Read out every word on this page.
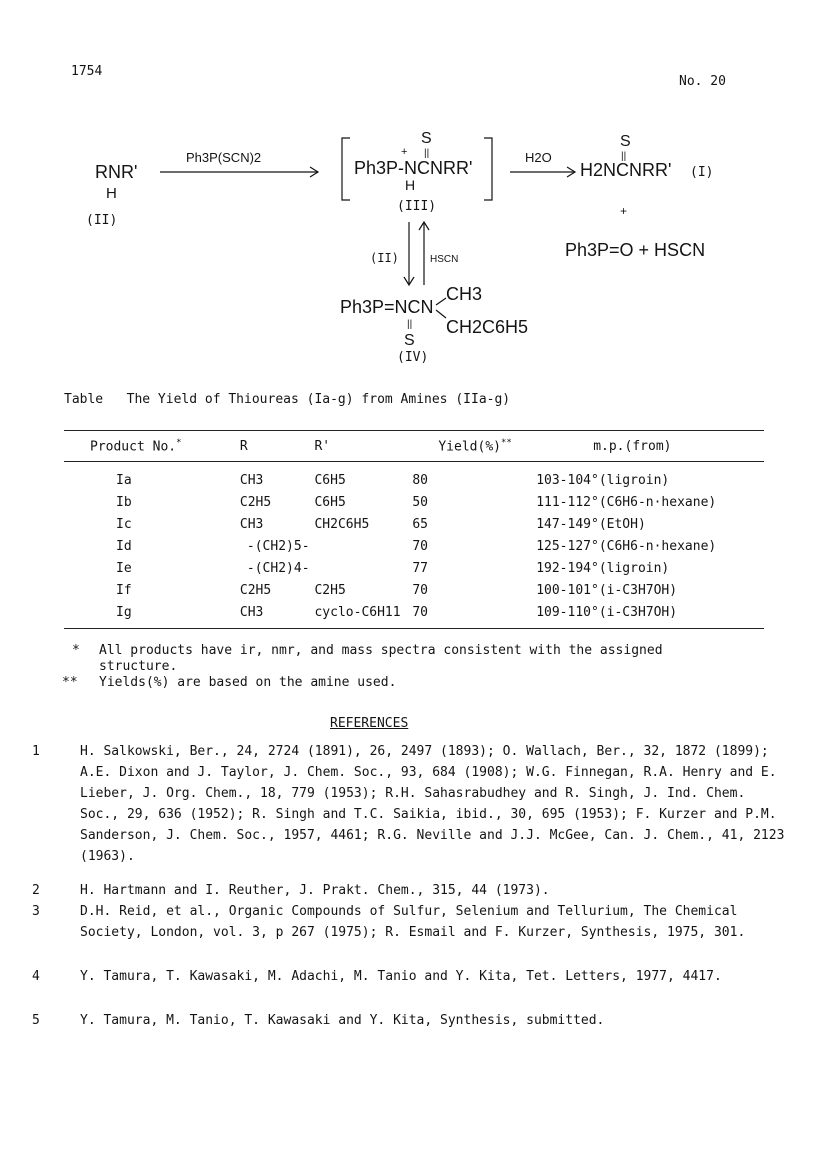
1754
No. 20
RNR'
H
(II)
Ph3P(SCN)2
S
+ ||
Ph3P-NCNRR'
H
(III)
H2O
S
||
H2NCNRR' (I)
+
Ph3P=O + HSCN
(II)	HSCN
Ph3P=NCN
CH3
CH2C6H5
||
S
(IV)
Table   The Yield of Thioureas (Ia-g) from Amines (IIa-g)
Product No.*	R	R'	Yield(%)**	m.p.(from)
Ia	CH3	C6H5	80	103-104°(ligroin)
Ib	C2H5	C6H5	50	111-112°(C6H6-n·hexane)
Ic	CH3	CH2C6H5	65	147-149°(EtOH)
Id	-(CH2)5-		70	125-127°(C6H6-n·hexane)
Ie	-(CH2)4-		77	192-194°(ligroin)
If	C2H5	C2H5	70	100-101°(i-C3H7OH)
Ig	CH3	cyclo-C6H11	70	109-110°(i-C3H7OH)
* All products have ir, nmr, and mass spectra consistent with the assigned structure.
** Yields(%) are based on the amine used.
REFERENCES
1	H. Salkowski, Ber., 24, 2724 (1891), 26, 2497 (1893); O. Wallach, Ber., 32, 1872 (1899); A.E. Dixon and J. Taylor, J. Chem. Soc., 93, 684 (1908); W.G. Finnegan, R.A. Henry and E. Lieber, J. Org. Chem., 18, 779 (1953); R.H. Sahasrabudhey and R. Singh, J. Ind. Chem. Soc., 29, 636 (1952); R. Singh and T.C. Saikia, ibid., 30, 695 (1953); F. Kurzer and P.M. Sanderson, J. Chem. Soc., 1957, 4461; R.G. Neville and J.J. McGee, Can. J. Chem., 41, 2123 (1963).
2	H. Hartmann and I. Reuther, J. Prakt. Chem., 315, 44 (1973).
3	D.H. Reid, et al., Organic Compounds of Sulfur, Selenium and Tellurium, The Chemical Society, London, vol. 3, p 267 (1975); R. Esmail and F. Kurzer, Synthesis, 1975, 301.
4	Y. Tamura, T. Kawasaki, M. Adachi, M. Tanio and Y. Kita, Tet. Letters, 1977, 4417.
5	Y. Tamura, M. Tanio, T. Kawasaki and Y. Kita, Synthesis, submitted.
